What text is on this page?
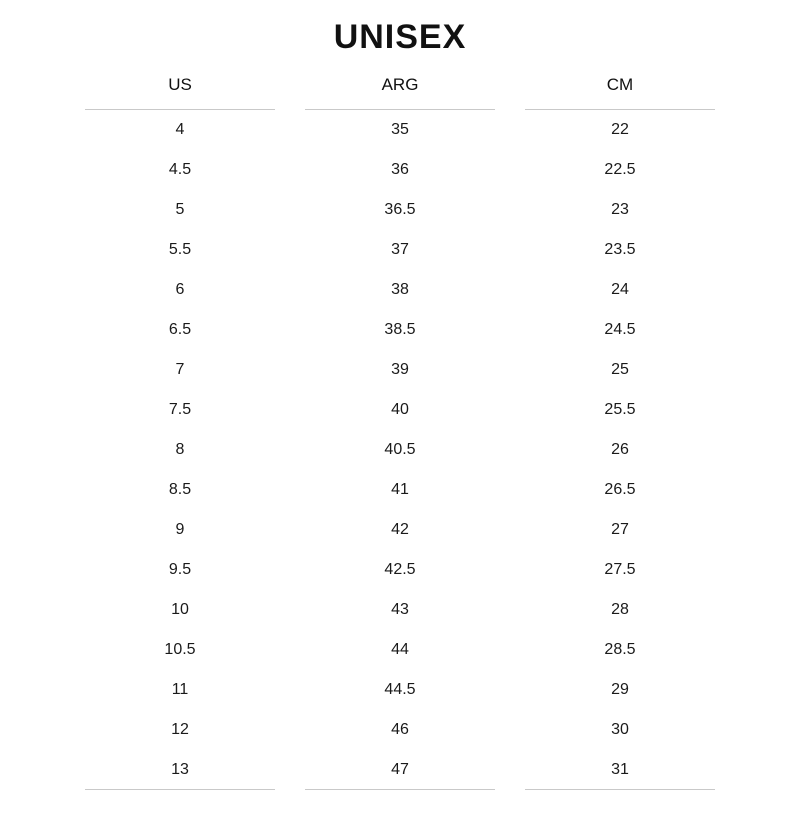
UNISEX
US	ARG	CM

4	35	22
4.5	36	22.5
5	36.5	23
5.5	37	23.5
6	38	24
6.5	38.5	24.5
7	39	25
7.5	40	25.5
8	40.5	26
8.5	41	26.5
9	42	27
9.5	42.5	27.5
10	43	28
10.5	44	28.5
11	44.5	29
12	46	30
13	47	31
